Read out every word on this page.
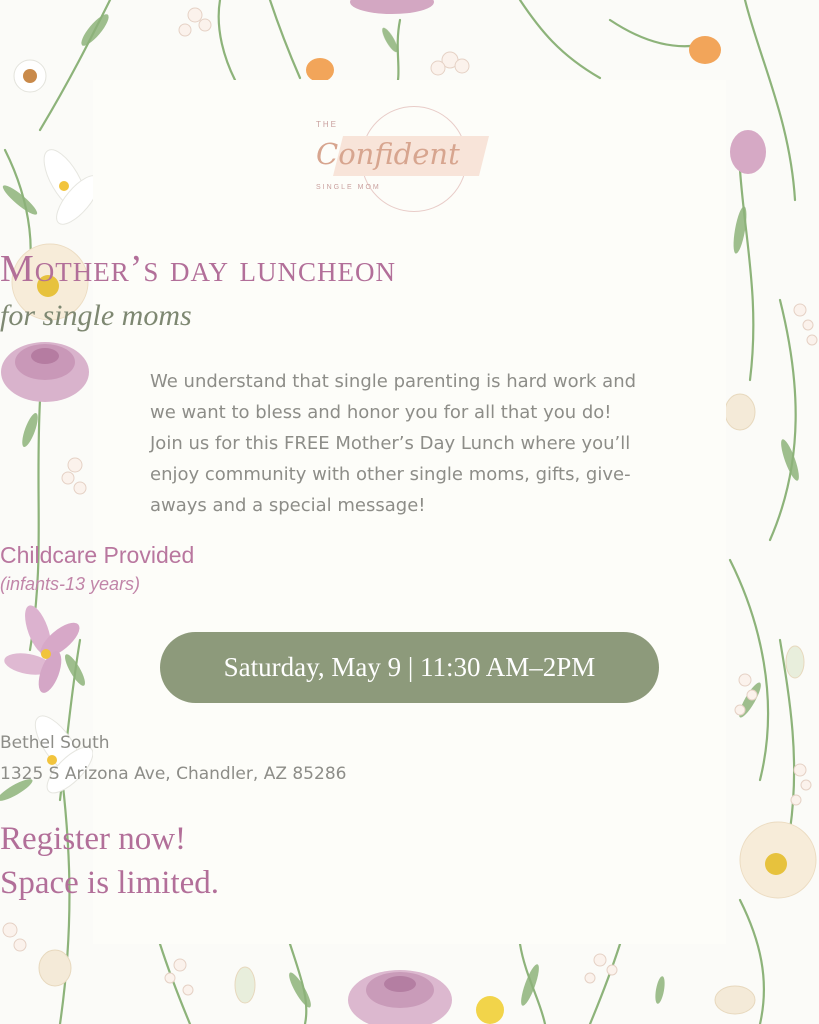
THE
Confident
SINGLE MOM
Mother’s day luncheon
for single moms
We understand that single parenting is hard work and
we want to bless and honor you for all that you do!
Join us for this FREE Mother’s Day Lunch where you’ll
enjoy community with other single moms, gifts, give-
aways and a special message!
Childcare Provided
(infants-13 years)
Saturday, May 9 | 11:30 AM–2PM
Bethel South
1325 S Arizona Ave, Chandler, AZ 85286
Register now!
Space is limited.
